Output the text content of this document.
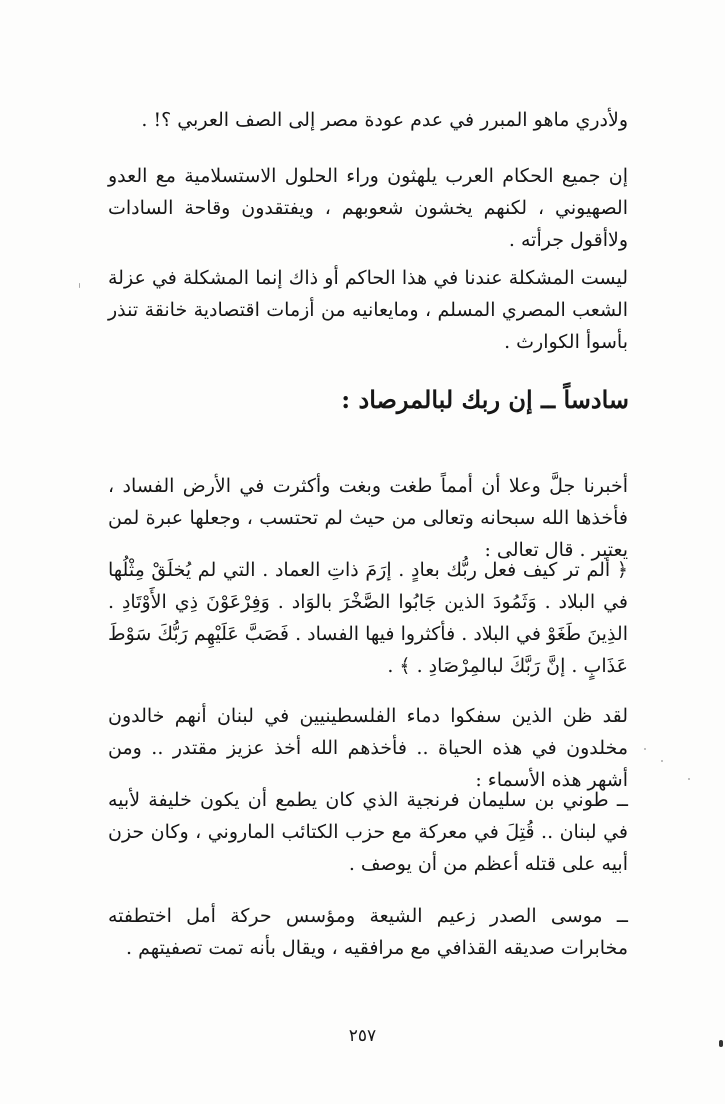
ولأدري ماهو المبرر في عدم عودة مصر إلى الصف العربي ؟! .

إن جميع الحكام العرب يلهثون وراء الحلول الاستسلامية مع العدو الصهيوني ، لكنهم يخشون شعوبهم ، ويفتقدون وقاحة السادات ولاأقول جرأته .

ليست المشكلة عندنا في هذا الحاكم أو ذاك إنما المشكلة في عزلة الشعب المصري المسلم ، ومايعانيه من أزمات اقتصادية خانقة تنذر بأسوأ الكوارث .

سادساً ــ إن ربك لبالمرصاد :

أخبرنا جلَّ وعلا أن أمماً طغت وبغت وأكثرت في الأرض الفساد ، فأخذها الله سبحانه وتعالى من حيث لم تحتسب ، وجعلها عبرة لمن يعتبر . قال تعالى :

﴿ ألم تر كيف فعل ربُّك بعادٍ . إرَمَ ذاتِ العماد . التي لم يُخلَقْ مِثْلُها في البلاد . وَثَمُودَ الذين جَابُوا الصَّخْرَ بالوَاد . وَفِرْعَوْنَ ذِي الأَوْتَادِ . الذِينَ طَغَوْ في البلاد . فأكثروا فيها الفساد . فَصَبَّ عَلَيْهِم رَبُّكَ سَوْطَ عَذَابٍ . إنَّ رَبَّكَ لبالمِرْصَادِ . ﴾ .

لقد ظن الذين سفكوا دماء الفلسطينيين في لبنان أنهم خالدون مخلدون في هذه الحياة .. فأخذهم الله أخذ عزيز مقتدر .. ومن أشهر هذه الأسماء :

ــ طوني بن سليمان فرنجية الذي كان يطمع أن يكون خليفة لأبيه في لبنان .. قُتِلَ في معركة مع حزب الكتائب الماروني ، وكان حزن أبيه على قتله أعظم من أن يوصف .

ــ موسى الصدر زعيم الشيعة ومؤسس حركة أمل اختطفته مخابرات صديقه القذافي مع مرافقيه ، ويقال بأنه تمت تصفيتهم .

٢٥٧
